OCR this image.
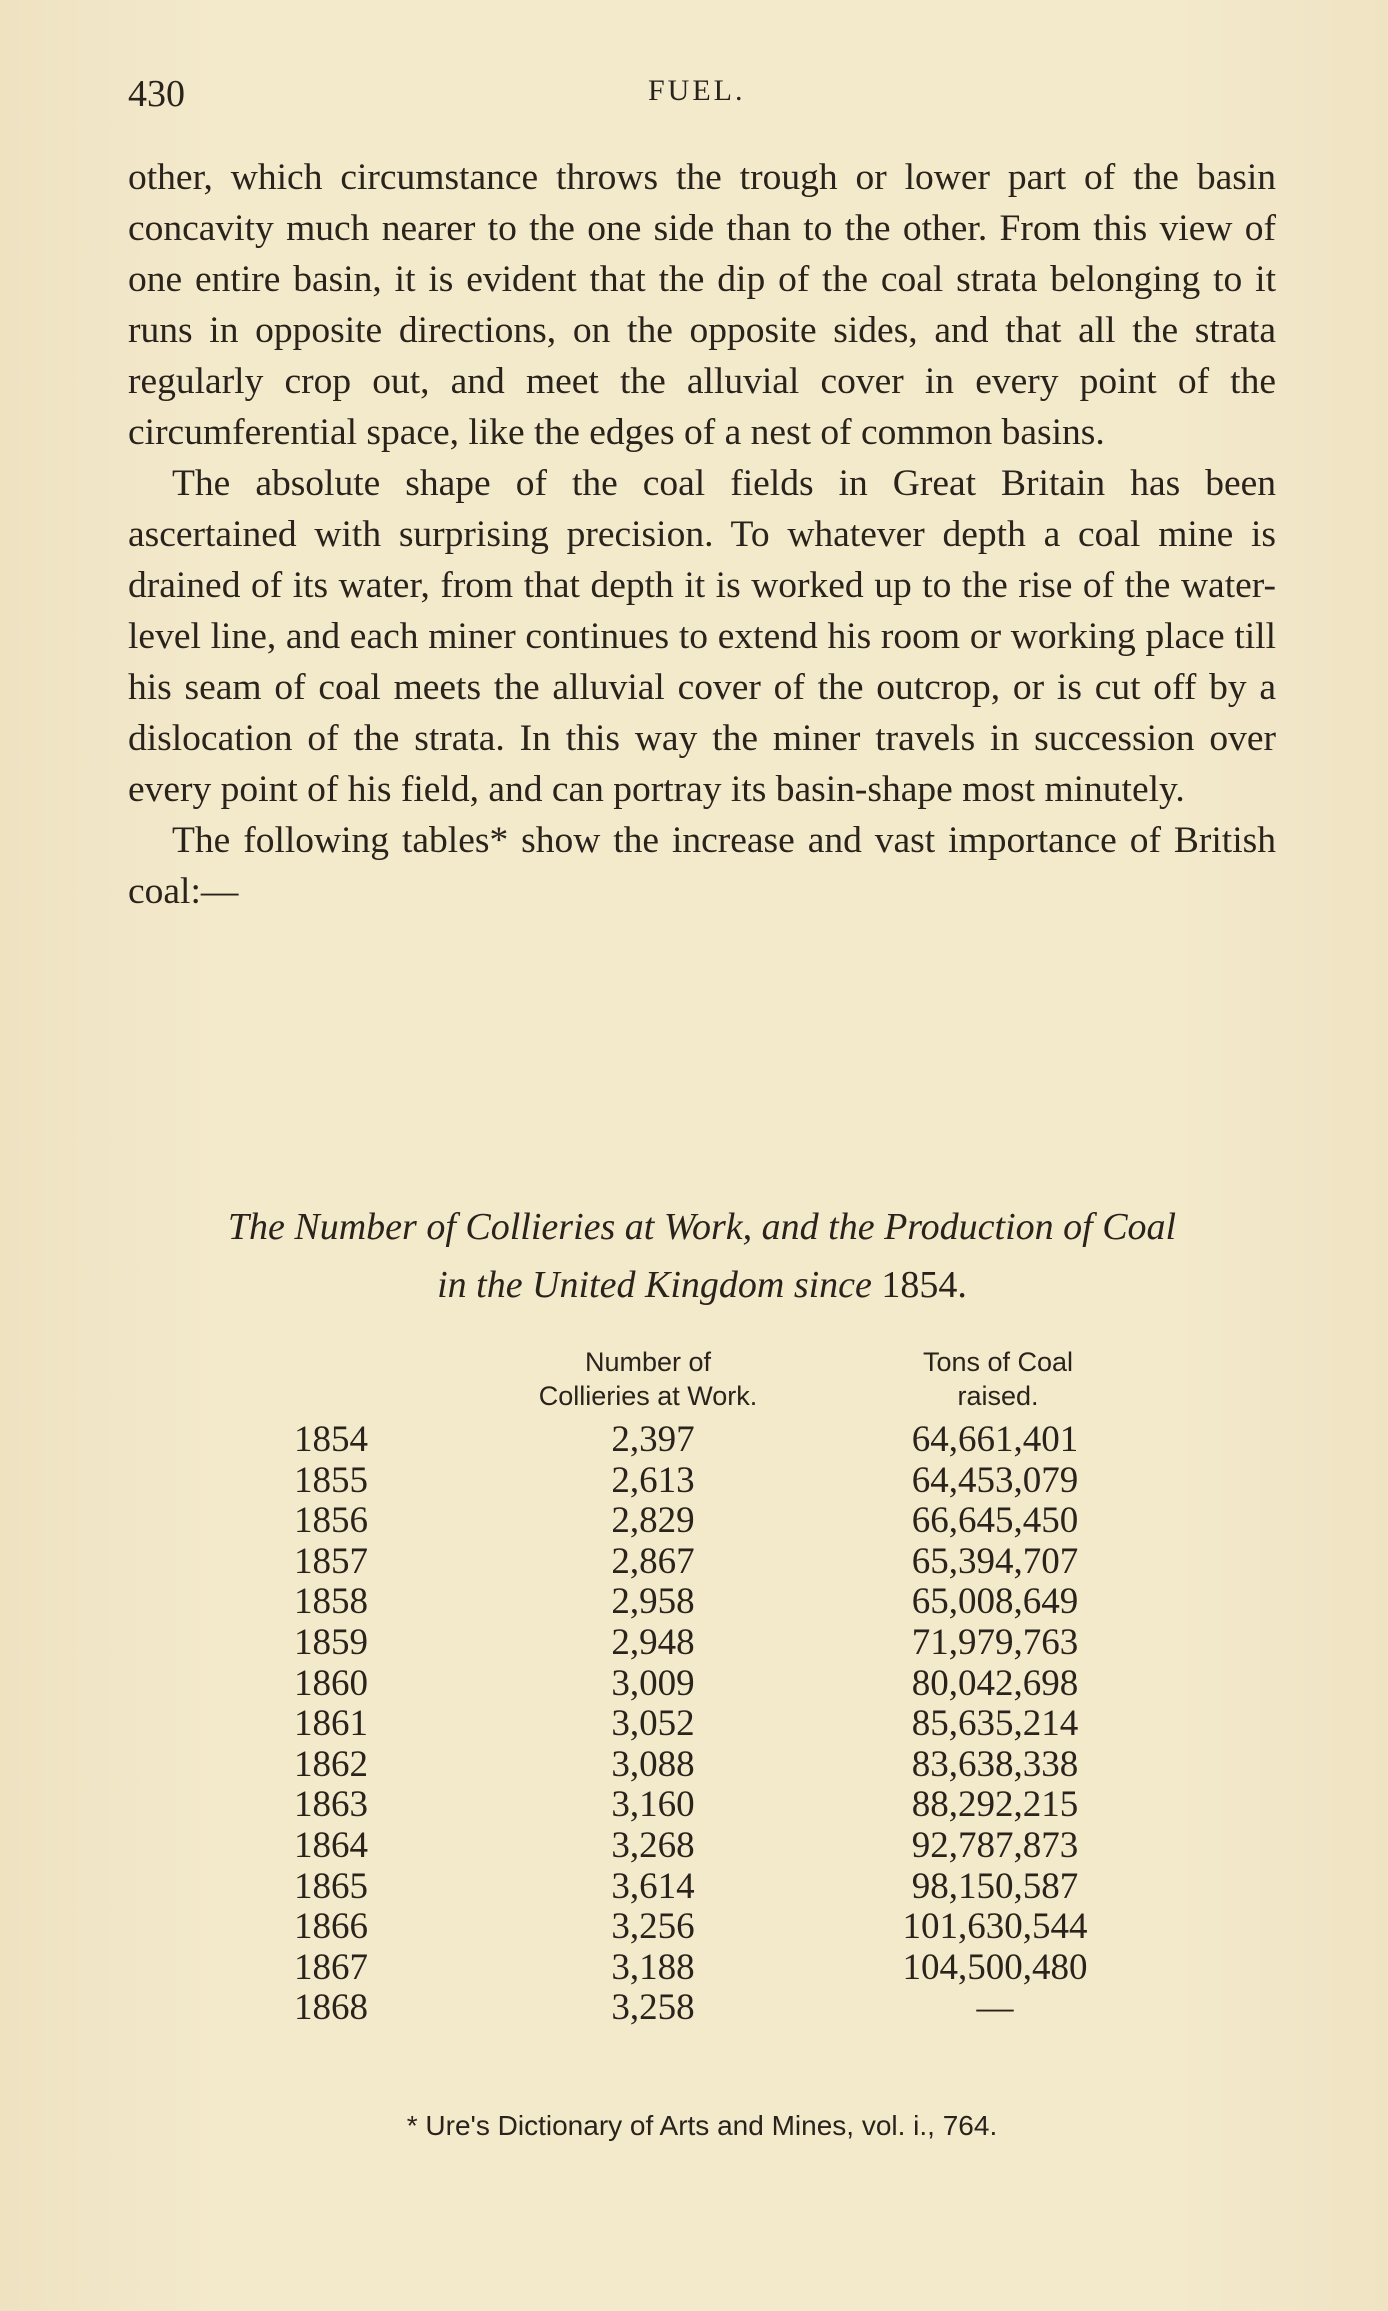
430	FUEL.

other, which circumstance throws the trough or lower part of the basin concavity much nearer to the one side than to the other. From this view of one entire basin, it is evident that the dip of the coal strata belonging to it runs in opposite directions, on the opposite sides, and that all the strata regularly crop out, and meet the alluvial cover in every point of the circumferential space, like the edges of a nest of common basins.

The absolute shape of the coal fields in Great Britain has been ascertained with surprising precision. To whatever depth a coal mine is drained of its water, from that depth it is worked up to the rise of the water-level line, and each miner continues to extend his room or working place till his seam of coal meets the alluvial cover of the outcrop, or is cut off by a dislocation of the strata. In this way the miner travels in succession over every point of his field, and can portray its basin-shape most minutely.

The following tables* show the increase and vast importance of British coal:—

The Number of Collieries at Work, and the Production of Coal
in the United Kingdom since 1854.
Number of
Collieries at Work.
Tons of Coal
raised.
1854	2,397	64,661,401
1855	2,613	64,453,079
1856	2,829	66,645,450
1857	2,867	65,394,707
1858	2,958	65,008,649
1859	2,948	71,979,763
1860	3,009	80,042,698
1861	3,052	85,635,214
1862	3,088	83,638,338
1863	3,160	88,292,215
1864	3,268	92,787,873
1865	3,614	98,150,587
1866	3,256	101,630,544
1867	3,188	104,500,480
1868	3,258	—
* Ure's Dictionary of Arts and Mines, vol. i., 764.
